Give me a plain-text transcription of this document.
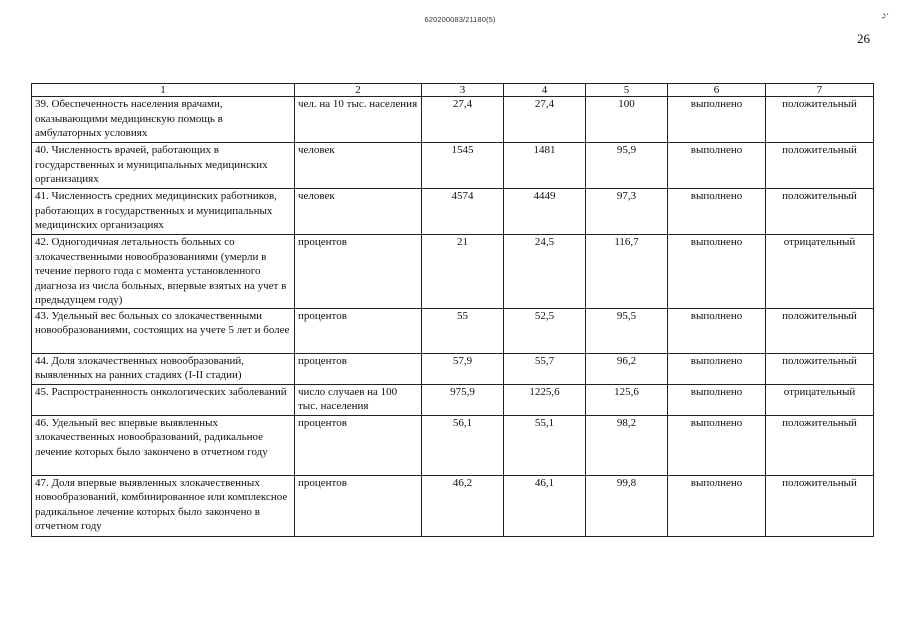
620200083/21180(5)	ᴗ̣
26
1	2	3	4	5	6	7
39. Обеспеченность населения врачами, оказывающими медицинскую помощь в амбулаторных условиях	чел. на 10 тыс. населения	27,4	27,4	100	выполнено	положительный
40. Численность врачей, работающих в государственных и муниципальных медицинских организациях	человек	1545	1481	95,9	выполнено	положительный
41. Численность средних медицинских работников, работающих в государственных и муниципальных медицинских организациях	человек	4574	4449	97,3	выполнено	положительный
42. Одногодичная летальность больных со злокачественными новообразованиями (умерли в течение первого года с момента установленного диагноза из числа больных, впервые взятых на учет в предыдущем году)	процентов	21	24,5	116,7	выполнено	отрицательный
43. Удельный вес больных со злокачественными новообразованиями, состоящих на учете 5 лет и более	процентов	55	52,5	95,5	выполнено	положительный
44. Доля злокачественных новообразований, выявленных на ранних стадиях (I-II стадии)	процентов	57,9	55,7	96,2	выполнено	положительный
45. Распространенность онкологических заболеваний	число случаев на 100 тыс. населения	975,9	1225,6	125,6	выполнено	отрицательный
46. Удельный вес впервые выявленных злокачественных новообразований, радикальное лечение которых было закончено в отчетном году	процентов	56,1	55,1	98,2	выполнено	положительный
47. Доля впервые выявленных злокачественных новообразований, комбинированное или комплексное радикальное лечение которых было закончено в отчетном году	процентов	46,2	46,1	99,8	выполнено	положительный
